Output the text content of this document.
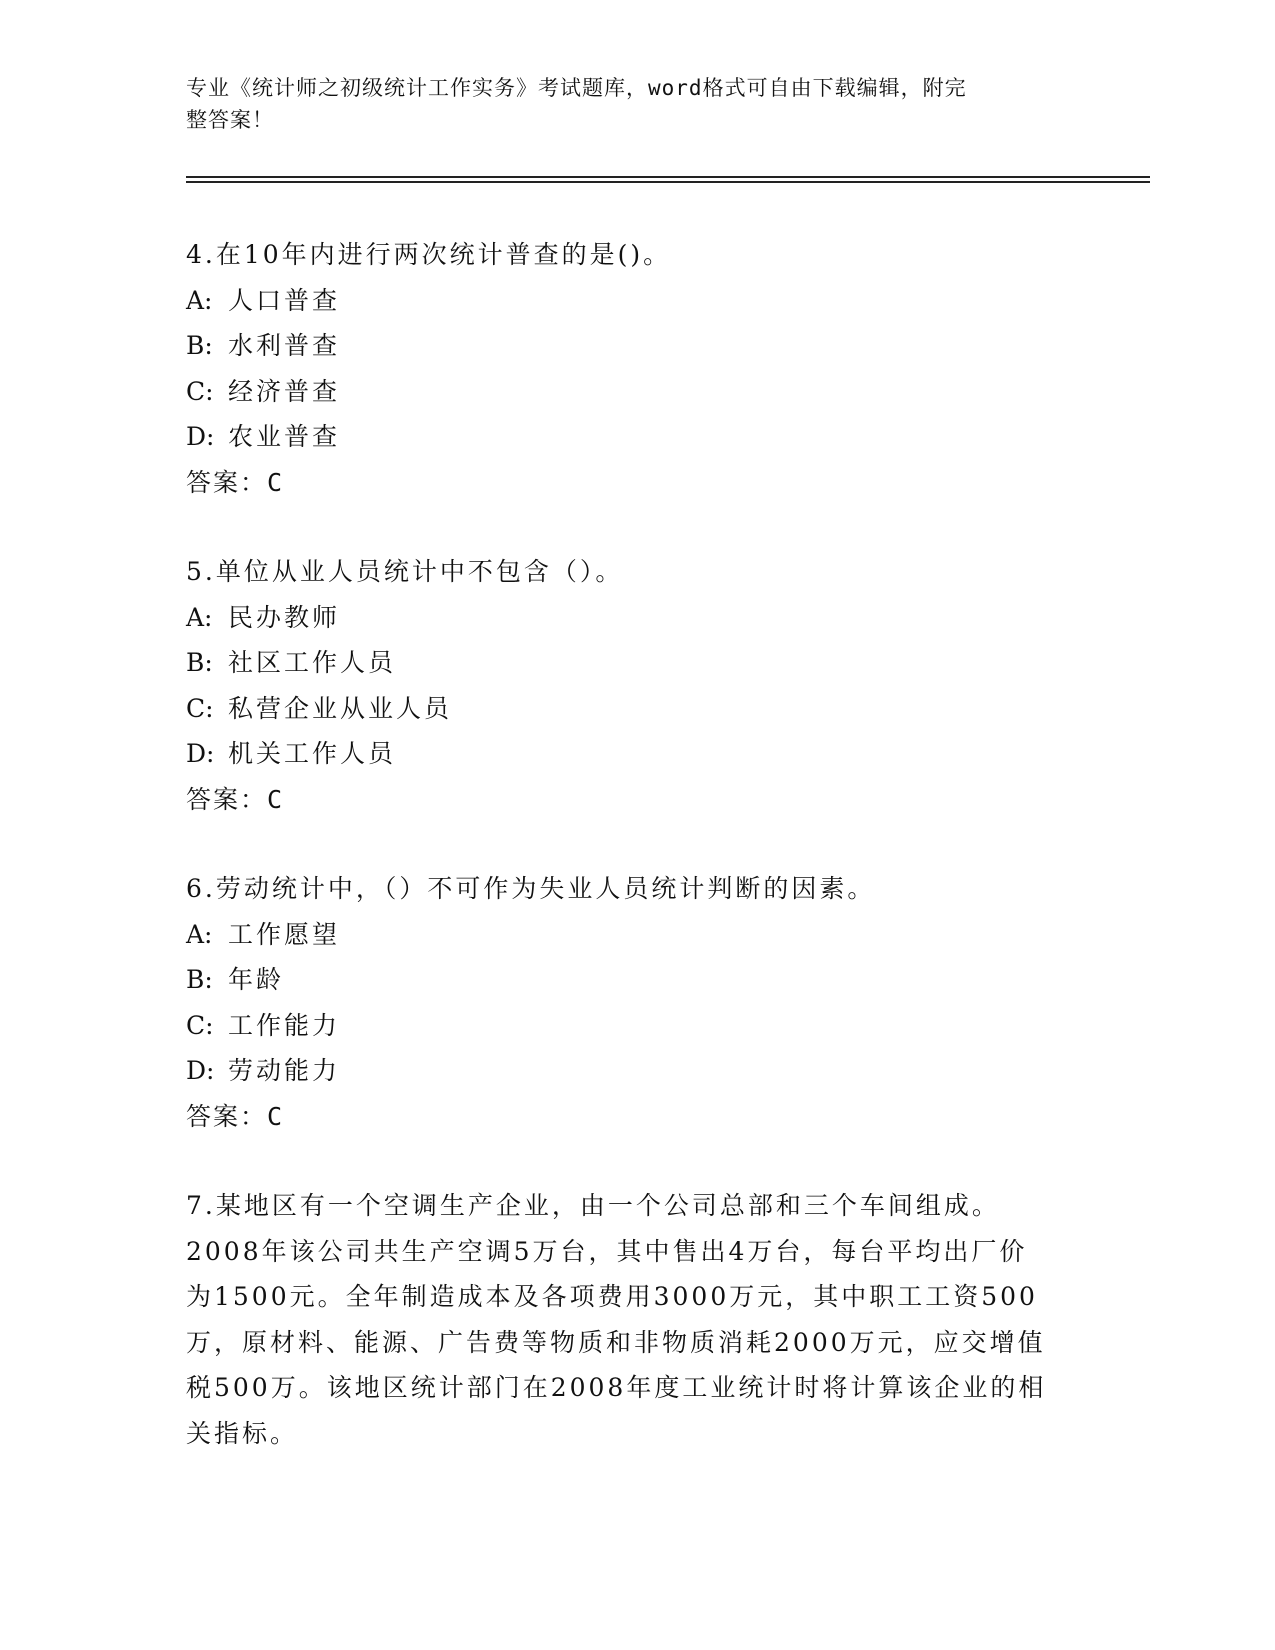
专业《统计师之初级统计工作实务》考试题库，word格式可自由下载编辑，附完
整答案！
4.在10年内进行两次统计普查的是()。
A: 人口普查
B: 水利普查
C: 经济普查
D: 农业普查
答案：C
5.单位从业人员统计中不包含（）。
A: 民办教师
B: 社区工作人员
C: 私营企业从业人员
D: 机关工作人员
答案：C
6.劳动统计中，（）不可作为失业人员统计判断的因素。
A: 工作愿望
B: 年龄
C: 工作能力
D: 劳动能力
答案：C
7.某地区有一个空调生产企业，由一个公司总部和三个车间组成。
2008年该公司共生产空调5万台，其中售出4万台，每台平均出厂价
为1500元。全年制造成本及各项费用3000万元，其中职工工资500
万，原材料、能源、广告费等物质和非物质消耗2000万元，应交增值
税500万。该地区统计部门在2008年度工业统计时将计算该企业的相
关指标。
